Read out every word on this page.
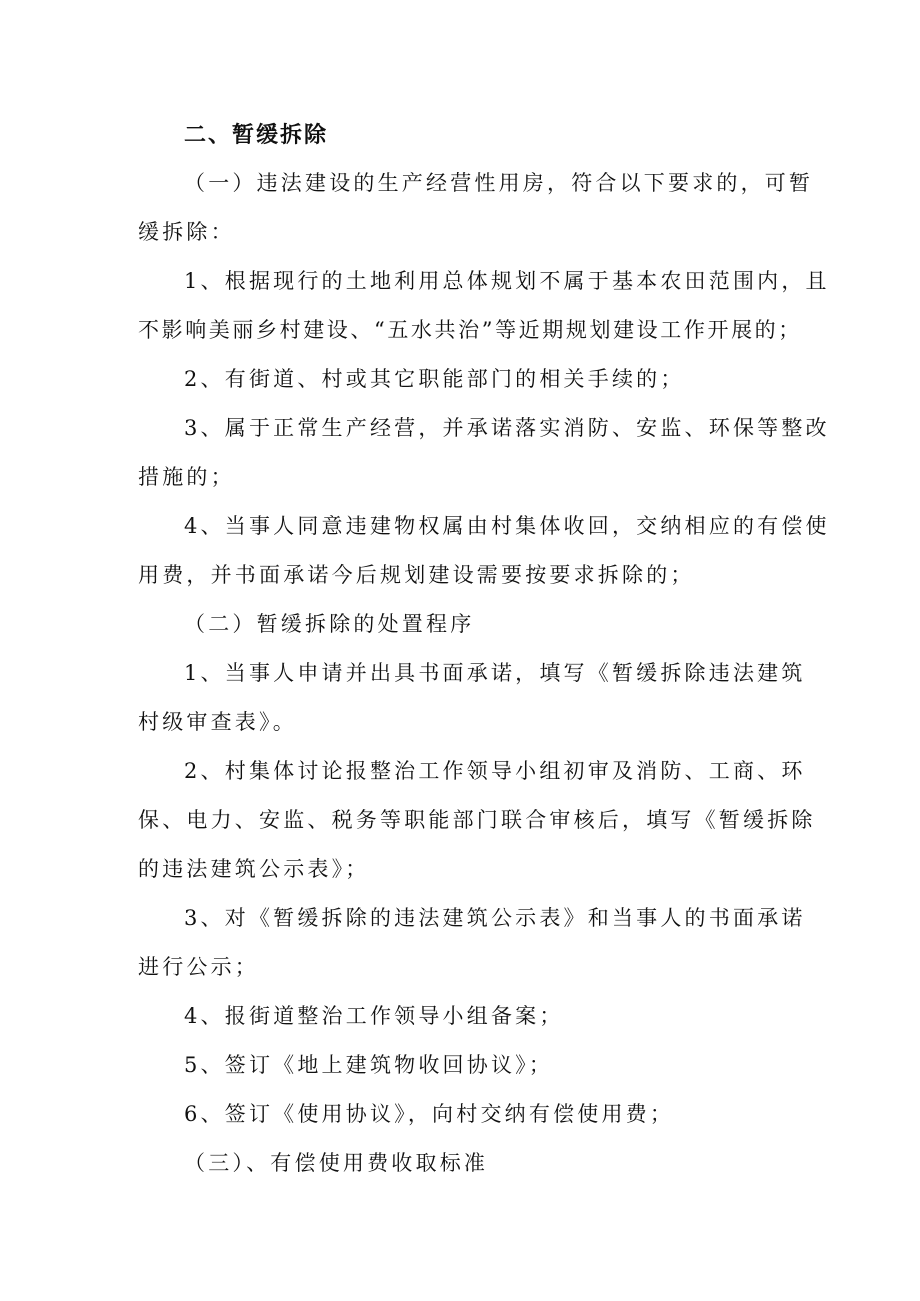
二、暂缓拆除
（一）违法建设的生产经营性用房，符合以下要求的，可暂
缓拆除：
1、根据现行的土地利用总体规划不属于基本农田范围内，且
不影响美丽乡村建设、“五水共治”等近期规划建设工作开展的；
2、有街道、村或其它职能部门的相关手续的；
3、属于正常生产经营，并承诺落实消防、安监、环保等整改
措施的；
4、当事人同意违建物权属由村集体收回，交纳相应的有偿使
用费，并书面承诺今后规划建设需要按要求拆除的；
（二）暂缓拆除的处置程序
1、当事人申请并出具书面承诺，填写《暂缓拆除违法建筑
村级审查表》。
2、村集体讨论报整治工作领导小组初审及消防、工商、环
保、电力、安监、税务等职能部门联合审核后，填写《暂缓拆除
的违法建筑公示表》；
3、对《暂缓拆除的违法建筑公示表》和当事人的书面承诺
进行公示；
4、报街道整治工作领导小组备案；
5、签订《地上建筑物收回协议》；
6、签订《使用协议》，向村交纳有偿使用费；
（三）、有偿使用费收取标准
